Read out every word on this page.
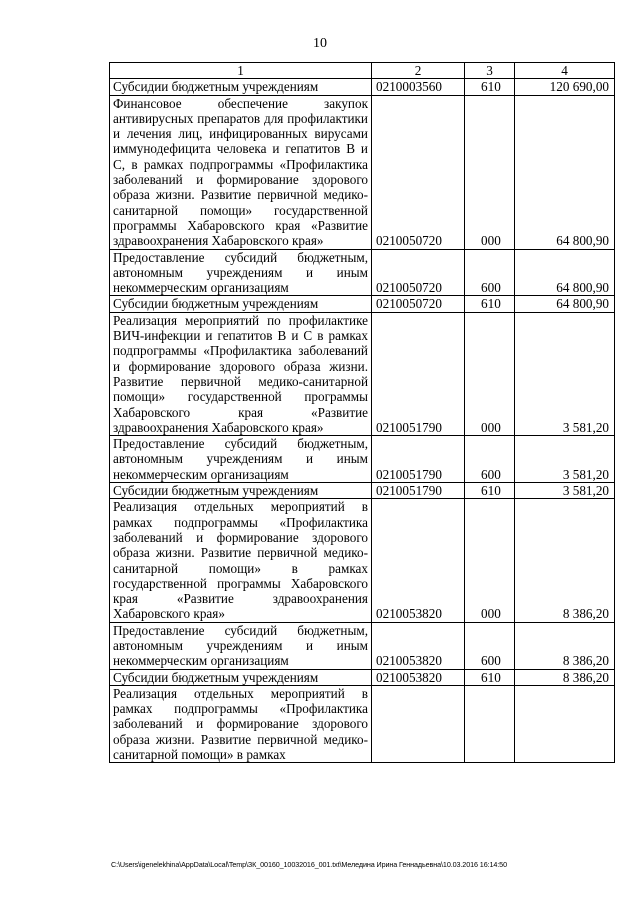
10
1	2	3	4
Субсидии бюджетным учреждениям	0210003560	610	120 690,00
Финансовое обеспечение закупок антивирусных препаратов для профилактики и лечения лиц, инфицированных вирусами иммунодефицита человека и гепатитов B и C, в рамках подпрограммы «Профилактика заболеваний и формирование здорового образа жизни. Развитие первичной медико-санитарной помощи» государственной программы Хабаровского края «Развитие здравоохранения Хабаровского края»	0210050720	000	64 800,90
Предоставление субсидий бюджетным, автономным учреждениям и иным некоммерческим организациям	0210050720	600	64 800,90
Субсидии бюджетным учреждениям	0210050720	610	64 800,90
Реализация мероприятий по профилактике ВИЧ-инфекции и гепатитов B и C в рамках подпрограммы «Профилактика заболеваний и формирование здорового образа жизни. Развитие первичной медико-санитарной помощи» государственной программы Хабаровского края «Развитие здравоохранения Хабаровского края»	0210051790	000	3 581,20
Предоставление субсидий бюджетным, автономным учреждениям и иным некоммерческим организациям	0210051790	600	3 581,20
Субсидии бюджетным учреждениям	0210051790	610	3 581,20
Реализация отдельных мероприятий в рамках подпрограммы «Профилактика заболеваний и формирование здорового образа жизни. Развитие первичной медико-санитарной помощи» в рамках государственной программы Хабаровского края «Развитие здравоохранения Хабаровского края»	0210053820	000	8 386,20
Предоставление субсидий бюджетным, автономным учреждениям и иным некоммерческим организациям	0210053820	600	8 386,20
Субсидии бюджетным учреждениям	0210053820	610	8 386,20
Реализация отдельных мероприятий в рамках подпрограммы «Профилактика заболеваний и формирование здорового образа жизни. Развитие первичной медико-санитарной помощи» в рамках			
C:\Users\igenelekhina\AppData\Local\Temp\ЗК_00160_10032016_001.txt\Меледина Ирина Геннадьевна\10.03.2016 16:14:50
